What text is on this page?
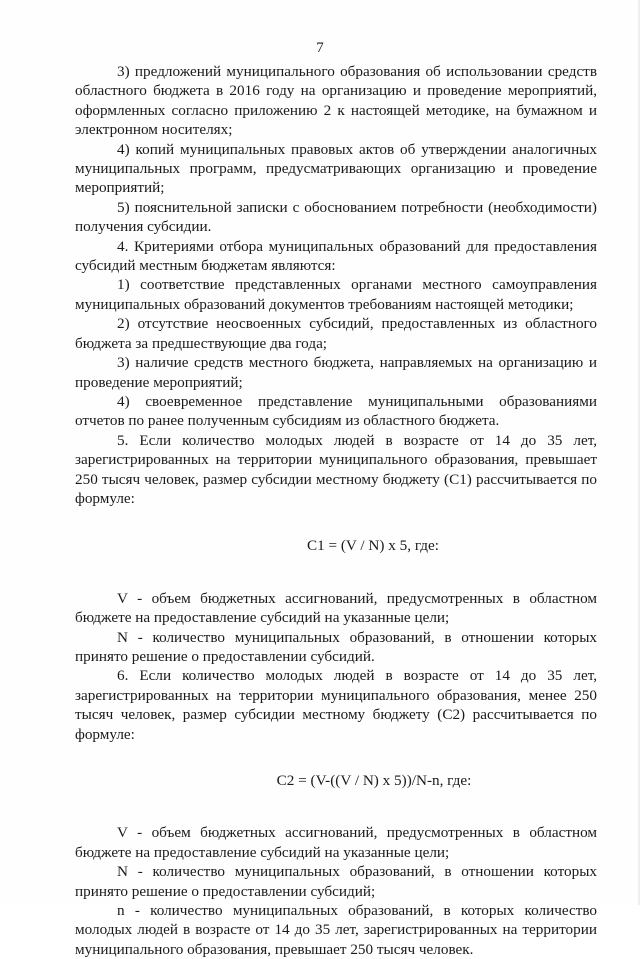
7

3) предложений муниципального образования об использовании средств областного бюджета в 2016 году на организацию и проведение мероприятий, оформленных согласно приложению 2 к настоящей методике, на бумажном и электронном носителях;

4) копий муниципальных правовых актов об утверждении аналогичных муниципальных программ, предусматривающих организацию и проведение мероприятий;

5) пояснительной записки с обоснованием потребности (необходимости) получения субсидии.

4. Критериями отбора муниципальных образований для предоставления субсидий местным бюджетам являются:

1) соответствие представленных органами местного самоуправления муниципальных образований документов требованиям настоящей методики;

2) отсутствие неосвоенных субсидий, предоставленных из областного бюджета за предшествующие два года;

3) наличие средств местного бюджета, направляемых на организацию и проведение мероприятий;

4) своевременное представление муниципальными образованиями отчетов по ранее полученным субсидиям из областного бюджета.

5. Если количество молодых людей в возрасте от 14 до 35 лет, зарегистрированных на территории муниципального образования, превышает 250 тысяч человек, размер субсидии местному бюджету (С1) рассчитывается по формуле:

С1 = (V / N) x 5, где:

V - объем бюджетных ассигнований, предусмотренных в областном бюджете на предоставление субсидий на указанные цели;

N - количество муниципальных образований, в отношении которых принято решение о предоставлении субсидий.

6. Если количество молодых людей в возрасте от 14 до 35 лет, зарегистрированных на территории муниципального образования, менее 250 тысяч человек, размер субсидии местному бюджету (С2) рассчитывается по формуле:

С2 = (V-((V / N) x 5))/N-n, где:

V - объем бюджетных ассигнований, предусмотренных в областном бюджете на предоставление субсидий на указанные цели;

N - количество муниципальных образований, в отношении которых принято решение о предоставлении субсидий;

n - количество муниципальных образований, в которых количество молодых людей в возрасте от 14 до 35 лет, зарегистрированных на территории муниципального образования, превышает 250 тысяч человек.
